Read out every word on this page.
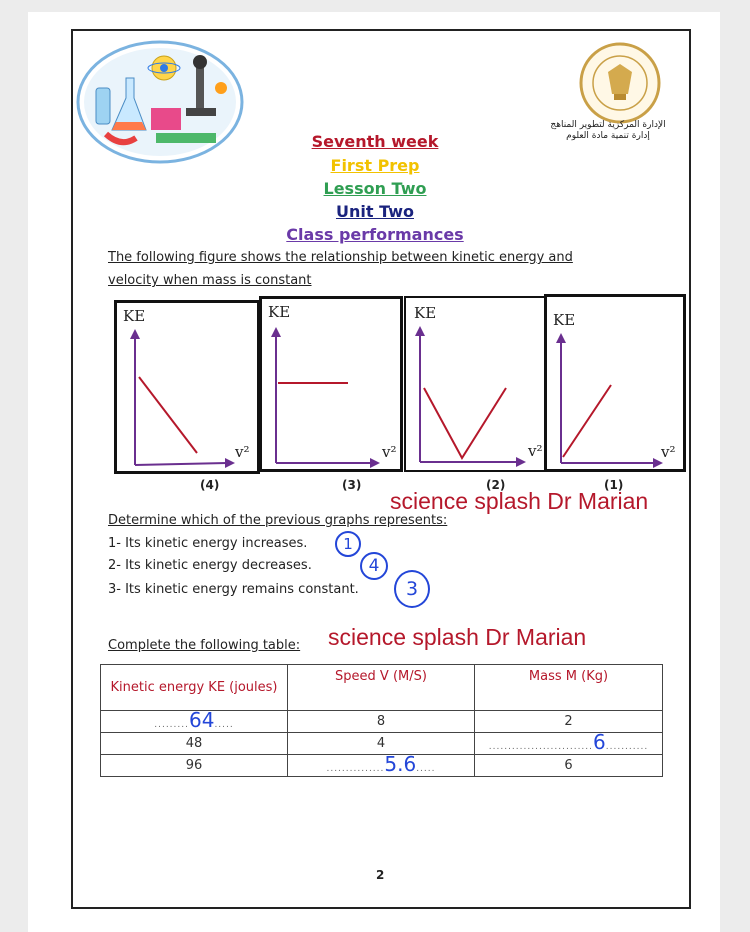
الإدارة المركزية لتطوير المناهج
إدارة تنمية مادة العلوم
Seventh week
First Prep
Lesson Two
Unit Two
Class performances
The following figure shows the relationship between kinetic energy and
velocity when mass is constant
KE
v²
(4)
KE
v²
(3)
KE
v²
(2)
KE
v²
(1)
science splash Dr Marian
Determine which of the previous graphs represents:
1- Its kinetic energy increases.
2- Its kinetic energy decreases.
3- Its kinetic energy remains constant.
1
4
3
Complete the following table: science splash Dr Marian
Kinetic energy KE (joules)	Speed V (M/S)	Mass M (Kg)
.........64.....	8	2
48	4	...........................6...........
96	...............5.6.....	6
2
